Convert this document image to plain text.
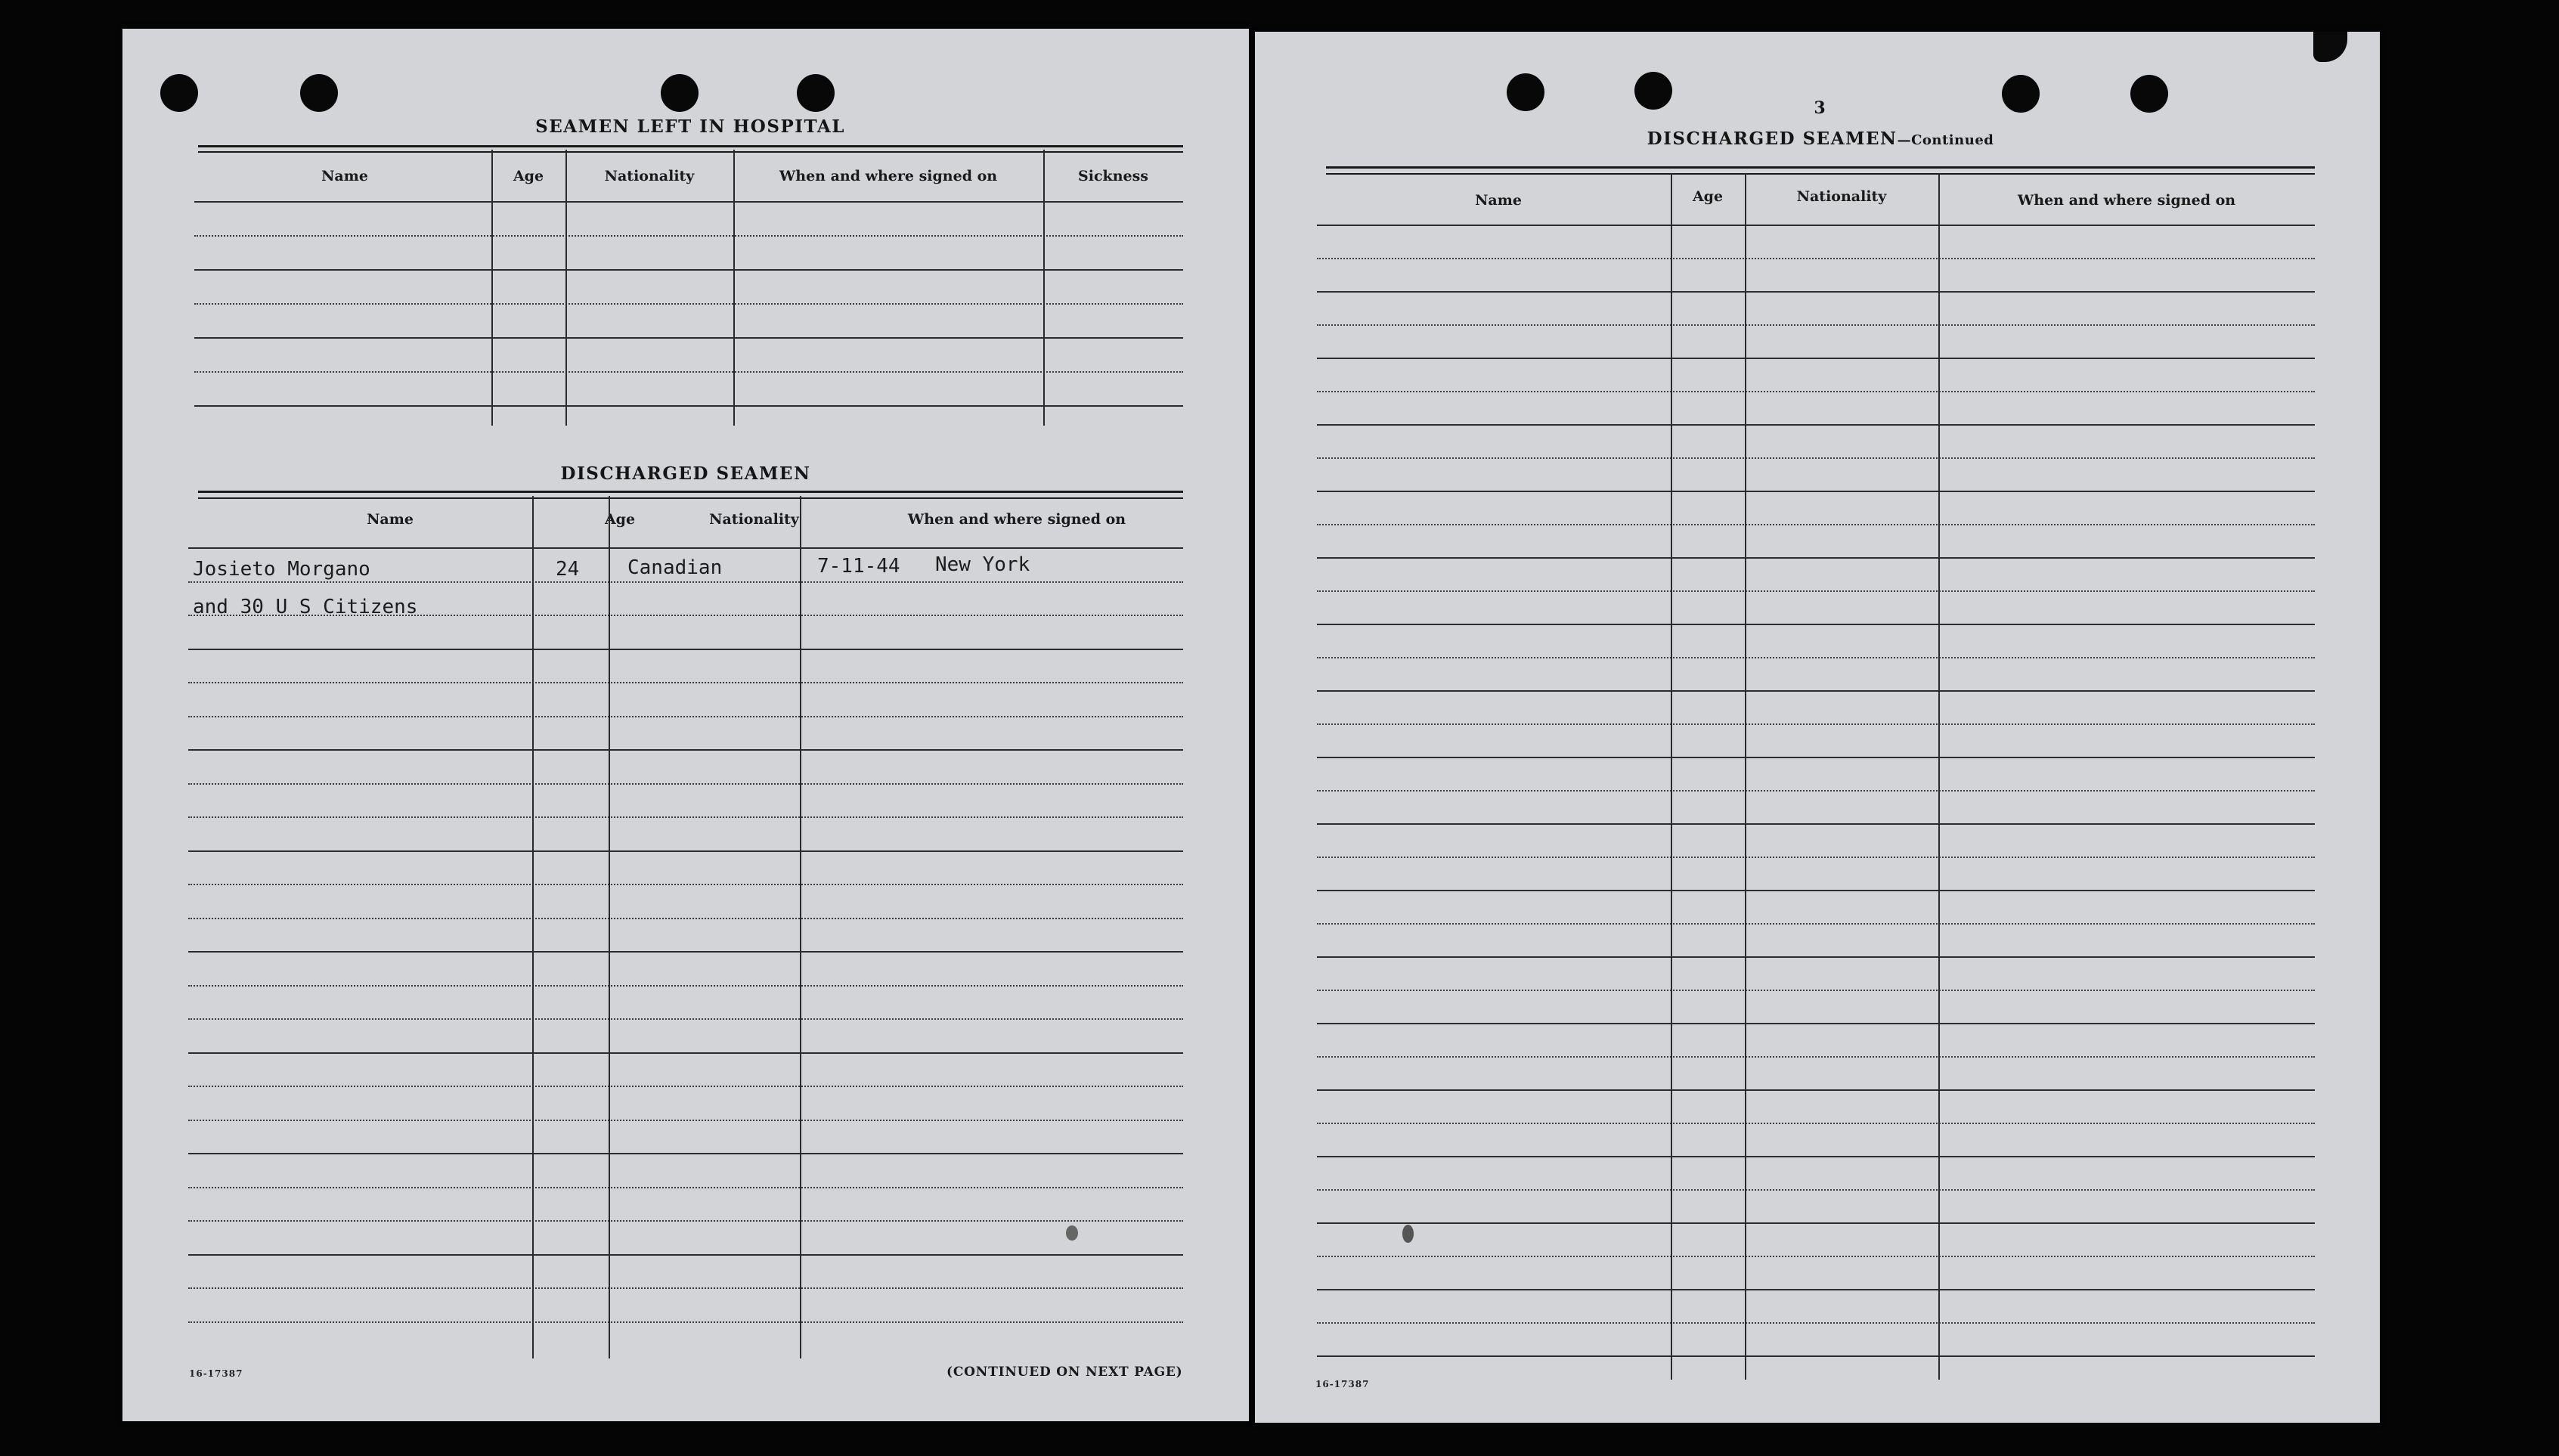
SEAMEN LEFT IN HOSPITAL
Name	Age	Nationality	When and where signed on	Sickness
DISCHARGED SEAMEN
Name	Age	Nationality	When and where signed on
Josieto Morgano	24 Canadian	7-11-44 New York
and 30 U S Citizens
16-17387	(CONTINUED ON NEXT PAGE)
3
DISCHARGED SEAMEN—Continued
Name	Age	Nationality	When and where signed on
16-17387
